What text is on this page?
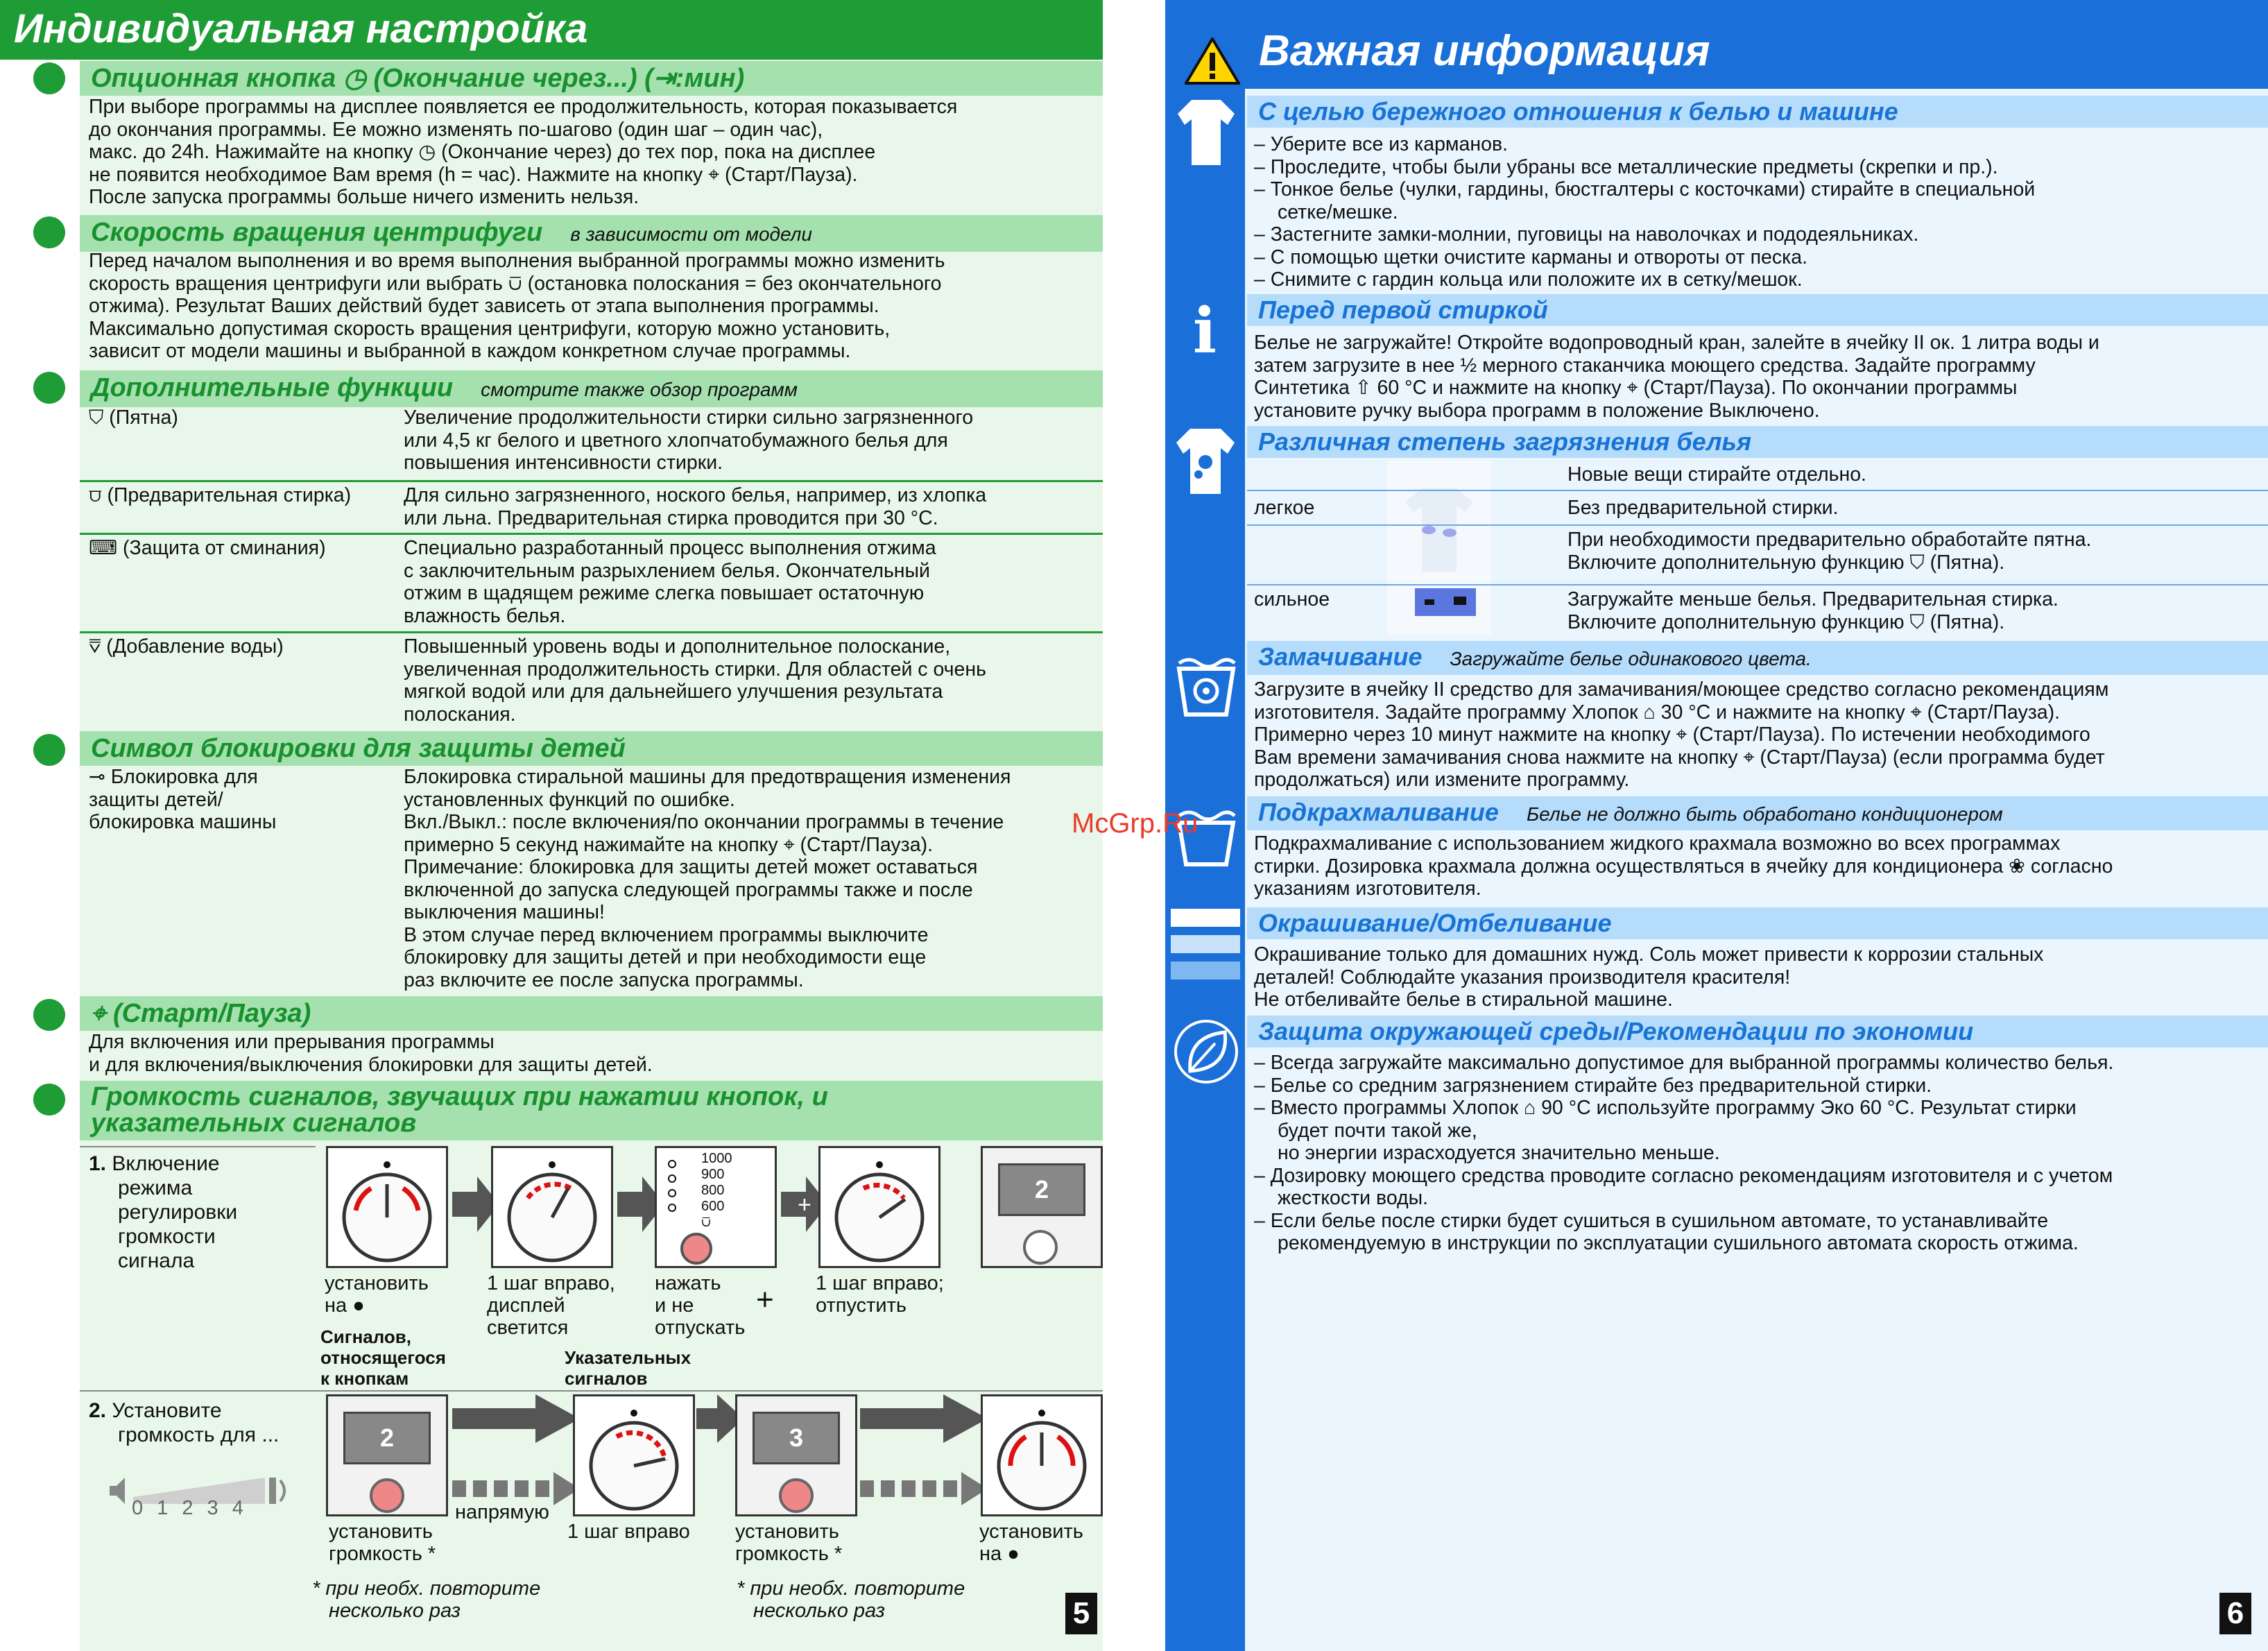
Индивидуальная настройка
Опционная кнопка ◷ (Окончание через...) (⇥:мин)
При выборе программы на дисплее появляется ее продолжительность, которая показывается
до окончания программы. Ее можно изменять по-шагово (один шаг – один час),
макс. до 24h. Нажимайте на кнопку ◷ (Окончание через) до тех пор, пока на дисплее
не появится необходимое Вам время (h = час). Нажмите на кнопку ⌖ (Старт/Пауза).
После запуска программы больше ничего изменить нельзя.
Скорость вращения центрифуги в зависимости от модели
Перед началом выполнения и во время выполнения выбранной программы можно изменить
скорость вращения центрифуги или выбрать ⩂ (остановка полоскания = без окончательного
отжима). Результат Ваших действий будет зависеть от этапа выполнения программы.
Максимально допустимая скорость вращения центрифуги, которую можно установить,
зависит от модели машины и выбранной в каждом конкретном случае программы.
Дополнительные функции смотрите также обзор программ
⛉ (Пятна)	Увеличение продолжительности стирки сильно загрязненного
или 4,5 кг белого и цветного хлопчатобумажного белья для
повышения интенсивности стирки.
⩌ (Предварительная стирка)	Для сильно загрязненного, ноского белья, например, из хлопка
или льна. Предварительная стирка проводится при 30 °С.
⌨ (Защита от сминания)	Специально разработанный процесс выполнения отжима
с заключительным разрыхлением белья. Окончательный
отжим в щадящем режиме слегка повышает остаточную
влажность белья.
⩢ (Добавление воды)	Повышенный уровень воды и дополнительное полоскание,
увеличенная продолжительность стирки. Для областей с очень
мягкой водой или для дальнейшего улучшения результата
полоскания.
Символ блокировки для защиты детей
⊸ Блокировка для
защиты детей/
блокировка машины
Блокировка стиральной машины для предотвращения изменения
установленных функций по ошибке.
Вкл./Выкл.: после включения/по окончании программы в течение
примерно 5 секунд нажимайте на кнопку ⌖ (Старт/Пауза).
Примечание: блокировка для защиты детей может оставаться
включенной до запуска следующей программы также и после
выключения машины!
В этом случае перед включением программы выключите
блокировку для защиты детей и при необходимости еще
раз включите ее после запуска программы.
⌖ (Старт/Пауза)
Для включения или прерывания программы
и для включения/выключения блокировки для защиты детей.
Громкость сигналов, звучащих при нажатии кнопок, и
указательных сигналов
1. Включение
режима
регулировки
громкости
сигнала
1000
900
800
600
⩂
+
2
установить
на ●
1 шаг вправо,
дисплей
светится
нажать
и не
отпускать
+ 1 шаг вправо;
отпустить
Сигналов,
относящегося
к кнопкам
Указательных
сигналов
2. Установите
громкость для ...
0 1 2 3 4
2
напрямую
3
установить
громкость *
1 шаг вправо установить
громкость *
установить
на ●
* при необх. повторите
несколько раз
* при необх. повторите
несколько раз	5
Важная информация
С целью бережного отношения к белью и машине
– Уберите все из карманов.
– Проследите, чтобы были убраны все металлические предметы (скрепки и пр.).
– Тонкое белье (чулки, гардины, бюстгалтеры с косточками) стирайте в специальной
сетке/мешке.
– Застегните замки-молнии, пуговицы на наволочках и пододеяльниках.
– С помощью щетки очистите карманы и отвороты от песка.
– Снимите с гардин кольца или положите их в сетку/мешок.
i	Перед первой стиркой
Белье не загружайте! Откройте водопроводный кран, залейте в ячейку II ок. 1 литра воды и
затем загрузите в нее ½ мерного стаканчика моющего средства. Задайте программу
Синтетика ⇧ 60 °С и нажмите на кнопку ⌖ (Старт/Пауза). По окончании программы
установите ручку выбора программ в положение Выключено.
Различная степень загрязнения белья
Новые вещи стирайте отдельно.
легкое	Без предварительной стирки.
При необходимости предварительно обработайте пятна.
Включите дополнительную функцию ⛉ (Пятна).
сильное	Загружайте меньше белья. Предварительная стирка.
Включите дополнительную функцию ⛉ (Пятна).
Замачивание Загружайте белье одинакового цвета.
Загрузите в ячейку II средство для замачивания/моющее средство согласно рекомендациям
изготовителя. Задайте программу Хлопок ⌂ 30 °С и нажмите на кнопку ⌖ (Старт/Пауза).
Примерно через 10 минут нажмите на кнопку ⌖ (Старт/Пауза). По истечении необходимого
Вам времени замачивания снова нажмите на кнопку ⌖ (Старт/Пауза) (если программа будет
продолжаться) или измените программу.
Подкрахмаливание Белье не должно быть обработано кондиционером
Подкрахмаливание с использованием жидкого крахмала возможно во всех программах
стирки. Дозировка крахмала должна осуществляться в ячейку для кондиционера ❀ согласно
указаниям изготовителя.
Окрашивание/Отбеливание
Окрашивание только для домашних нужд. Соль может привести к коррозии стальных
деталей! Соблюдайте указания производителя красителя!
Не отбеливайте белье в стиральной машине.
Защита окружающей среды/Рекомендации по экономии
– Всегда загружайте максимально допустимое для выбранной программы количество белья.
– Белье со средним загрязнением стирайте без предварительной стирки.
– Вместо программы Хлопок ⌂ 90 °С используйте программу Эко 60 °С. Результат стирки
будет почти такой же,
но энергии израсходуется значительно меньше.
– Дозировку моющего средства проводите согласно рекомендациям изготовителя и с учетом
жесткости воды.
– Если белье после стирки будет сушиться в сушильном автомате, то устанавливайте
рекомендуемую в инструкции по эксплуатации сушильного автомата скорость отжима.
6
McGrp.Ru
